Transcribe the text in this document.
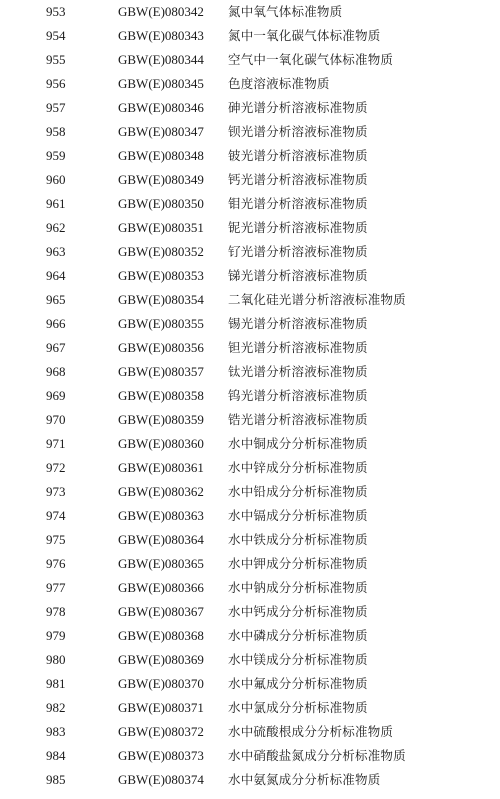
953	GBW(E)080342 氮中氧气体标准物质
954	GBW(E)080343 氮中一氧化碳气体标准物质
955	GBW(E)080344 空气中一氧化碳气体标准物质
956	GBW(E)080345 色度溶液标准物质
957	GBW(E)080346 砷光谱分析溶液标准物质
958	GBW(E)080347 钡光谱分析溶液标准物质
959	GBW(E)080348 铍光谱分析溶液标准物质
960	GBW(E)080349 钙光谱分析溶液标准物质
961	GBW(E)080350 钼光谱分析溶液标准物质
962	GBW(E)080351 铌光谱分析溶液标准物质
963	GBW(E)080352 钌光谱分析溶液标准物质
964	GBW(E)080353 锑光谱分析溶液标准物质
965	GBW(E)080354 二氧化硅光谱分析溶液标准物质
966	GBW(E)080355 锡光谱分析溶液标准物质
967	GBW(E)080356 钽光谱分析溶液标准物质
968	GBW(E)080357 钛光谱分析溶液标准物质
969	GBW(E)080358 钨光谱分析溶液标准物质
970	GBW(E)080359 锆光谱分析溶液标准物质
971	GBW(E)080360 水中铜成分分析标准物质
972	GBW(E)080361 水中锌成分分析标准物质
973	GBW(E)080362 水中铅成分分析标准物质
974	GBW(E)080363 水中镉成分分析标准物质
975	GBW(E)080364 水中铁成分分析标准物质
976	GBW(E)080365 水中钾成分分析标准物质
977	GBW(E)080366 水中钠成分分析标准物质
978	GBW(E)080367 水中钙成分分析标准物质
979	GBW(E)080368 水中磷成分分析标准物质
980	GBW(E)080369 水中镁成分分析标准物质
981	GBW(E)080370 水中氟成分分析标准物质
982	GBW(E)080371 水中氯成分分析标准物质
983	GBW(E)080372 水中硫酸根成分分析标准物质
984	GBW(E)080373 水中硝酸盐氮成分分析标准物质
985	GBW(E)080374 水中氨氮成分分析标准物质
